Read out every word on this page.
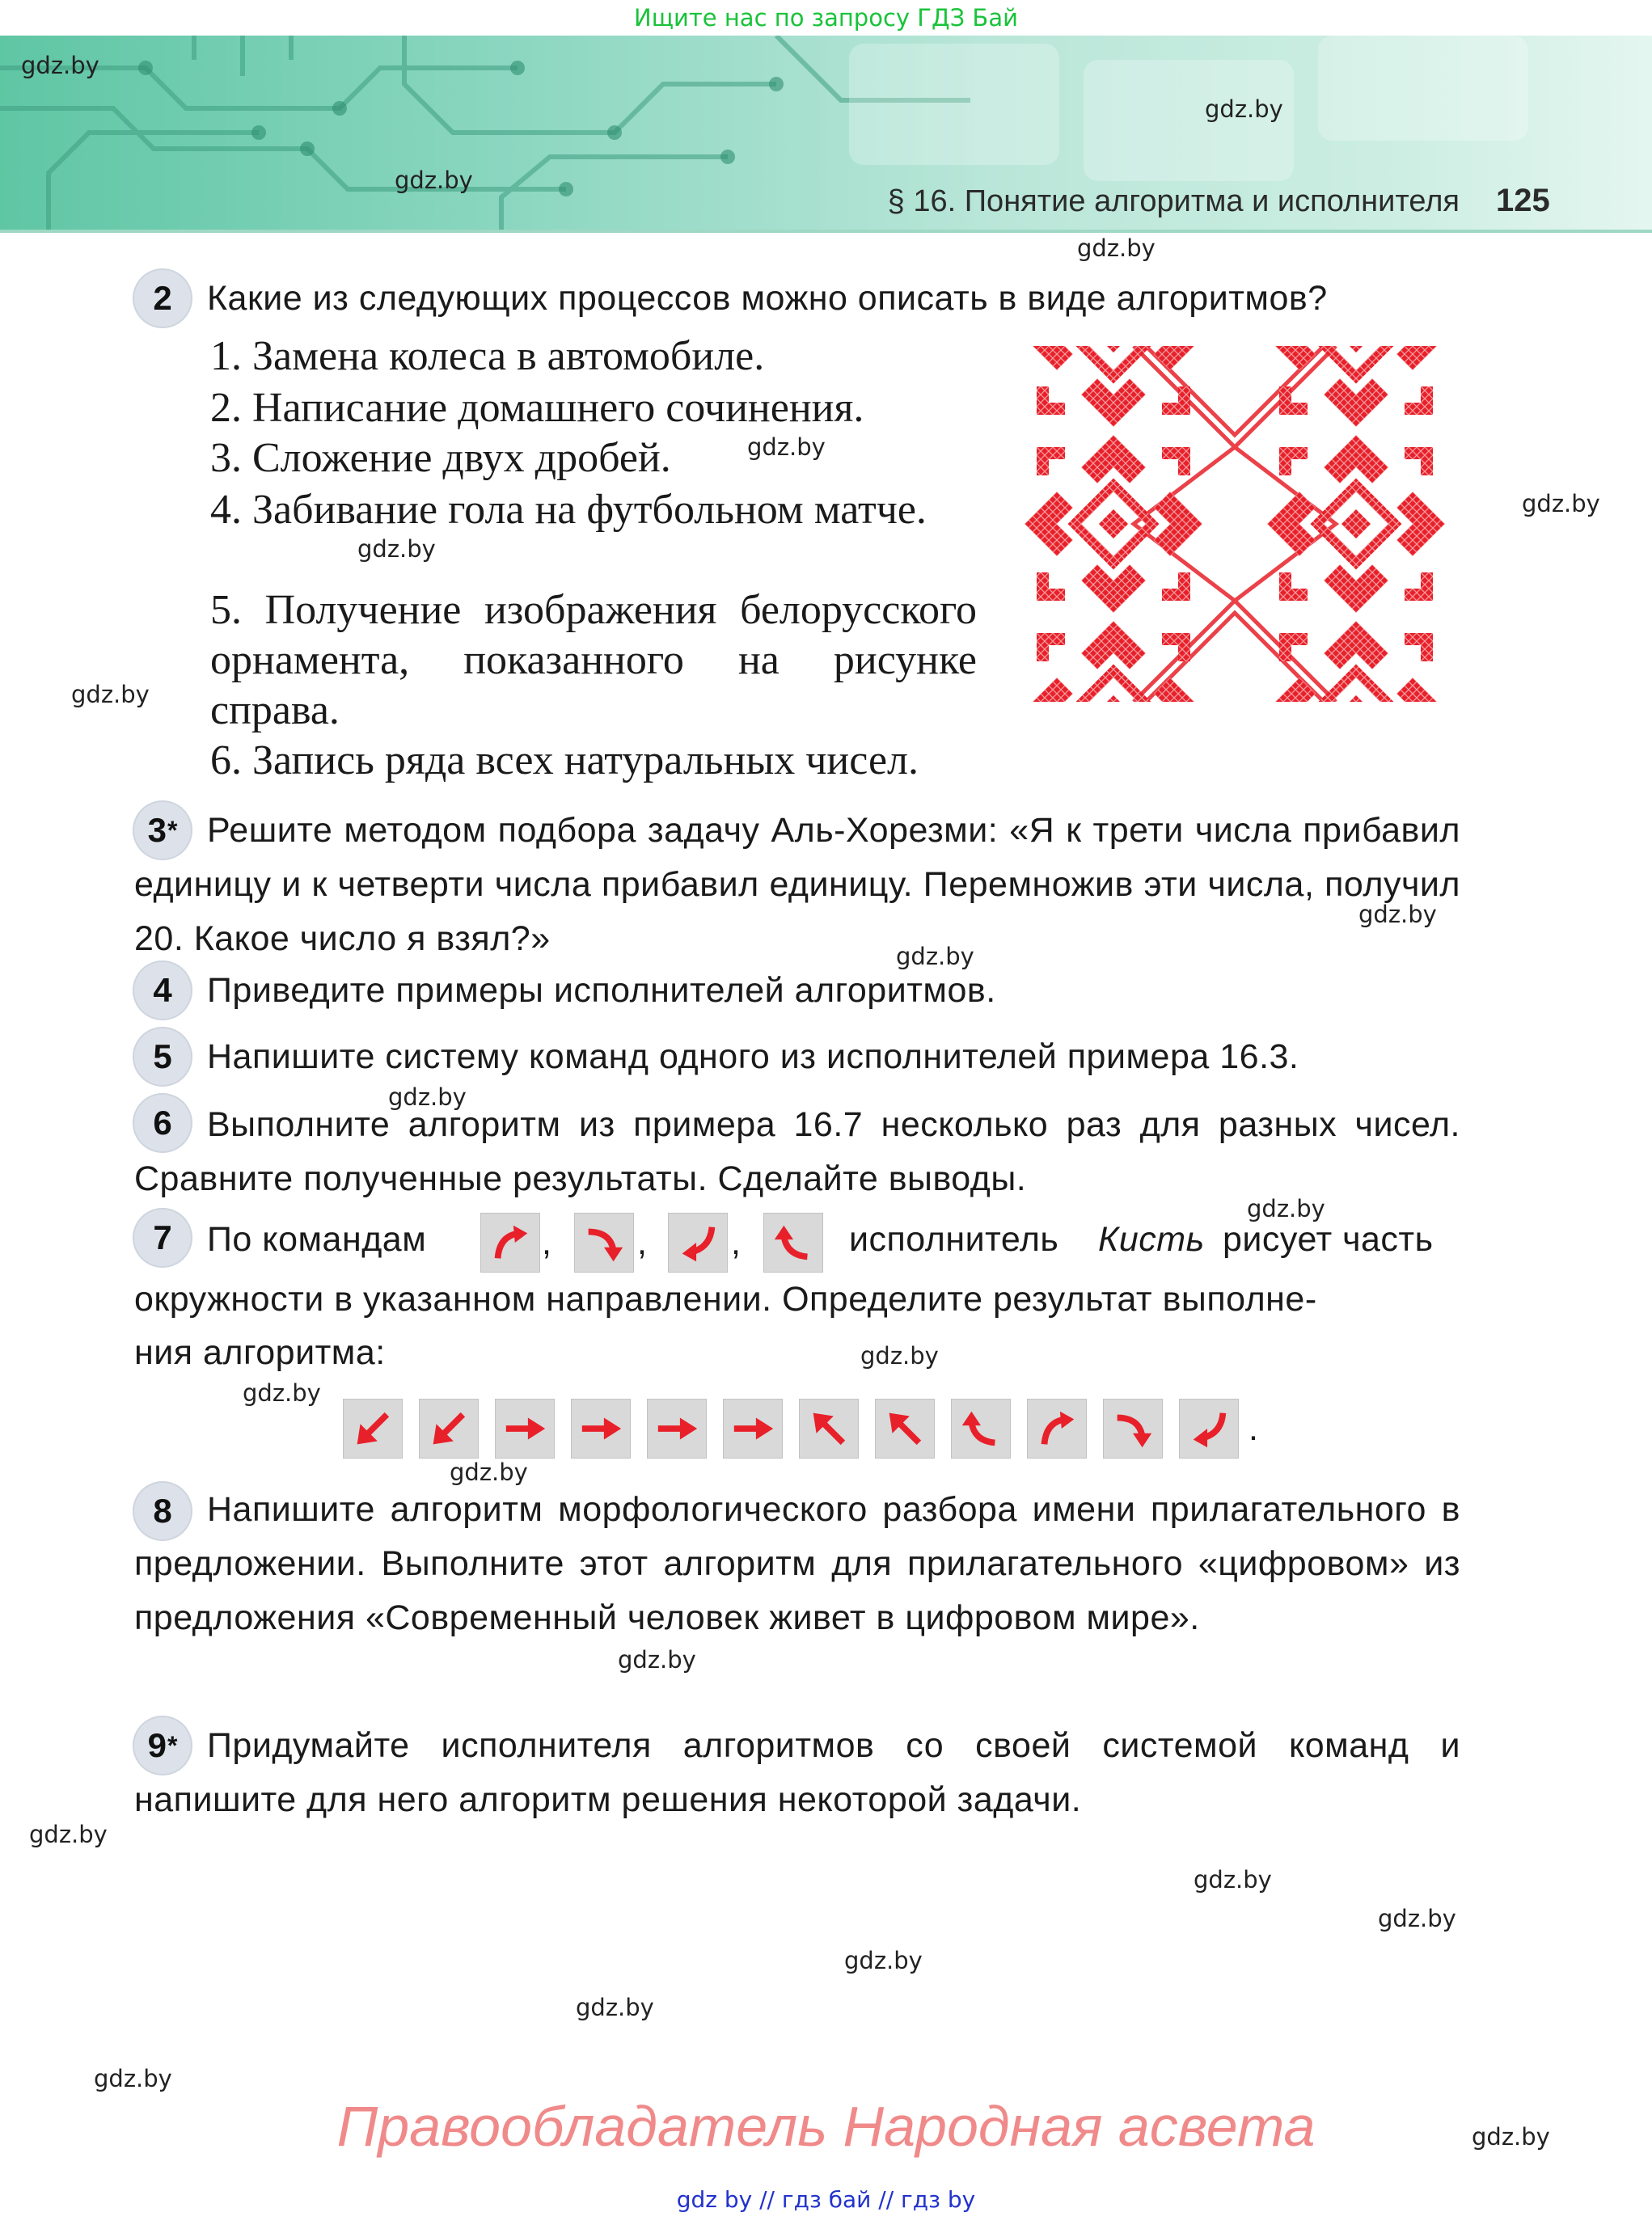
Ищите нас по запросу ГДЗ Бай
§ 16. Понятие алгоритма и исполнителя 125
gdz.by
gdz.by
gdz.by
gdz.by
gdz.by
gdz.by
gdz.by
gdz.by
gdz.by
gdz.by
gdz.by
gdz.by
gdz.by
gdz.by
gdz.by
gdz.by
gdz.by
gdz.by
gdz.by
gdz.by
gdz.by
gdz.by
gdz.by
2 Какие из следующих процессов можно описать в виде алгоритмов?
1. Замена колеса в автомобиле.
2. Написание домашнего сочинения.
3. Сложение двух дробей.
4. Забивание гола на футбольном матче.
5. Получение изображения белорусского орнамента, показанного на рисунке справа.
6. Запись ряда всех натуральных чисел.
3 * Решите методом подбора задачу Аль-Хорезми: «Я к трети числа прибавил единицу и к четверти числа прибавил единицу. Перемножив эти числа, получил 20. Какое число я взял?»
4 Приведите примеры исполнителей алгоритмов.
5 Напишите систему команд одного из исполнителей примера 16.3.
6	Выполните алгоритм из примера 16.7 несколько раз для разных чисел. Сравните полученные результаты. Сделайте выводы.
7 По командам	, , ,	исполнитель Кисть рисует часть
окружности в указанном направлении. Определите результат выполне-
ния алгоритма:
.
8	Напишите алгоритм морфологического разбора имени прилагательного в предложении. Выполните этот алгоритм для прилагательного «цифровом» из предложения «Современный человек живет в цифровом мире».
9 * Придумайте исполнителя алгоритмов со своей системой команд и напишите для него алгоритм решения некоторой задачи.
Правообладатель Народная асвета
gdz by // гдз бай // гдз by
